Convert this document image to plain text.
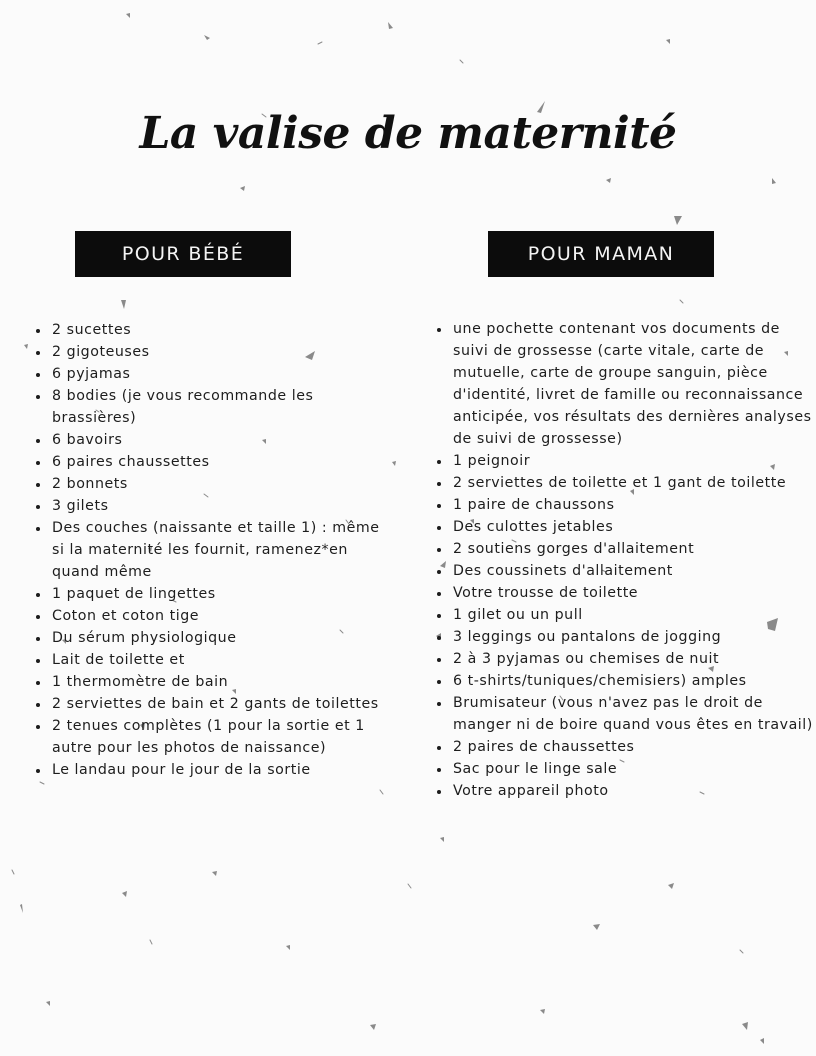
La valise de maternité
POUR BÉBÉ	POUR MAMAN
• 2 sucettes
• 2 gigoteuses
• 6 pyjamas
• 8 bodies (je vous recommande les brassières)
• 6 bavoirs
• 6 paires chaussettes
• 2 bonnets
• 3 gilets
• Des couches (naissante et taille 1) : même si la maternité les fournit, ramenez*en quand même
• 1 paquet de lingettes
• Coton et coton tige
• Du sérum physiologique
• Lait de toilette et
• 1 thermomètre de bain
• 2 serviettes de bain et 2 gants de toilettes
• 2 tenues complètes (1 pour la sortie et 1 autre pour les photos de naissance)
• Le landau pour le jour de la sortie
• une pochette contenant vos documents de suivi de grossesse (carte vitale, carte de mutuelle, carte de groupe sanguin, pièce d'identité, livret de famille ou reconnaissance anticipée, vos résultats des dernières analyses de suivi de grossesse)
• 1 peignoir
• 2 serviettes de toilette et 1 gant de toilette
• 1 paire de chaussons
• Des culottes jetables
• 2 soutiens gorges d'allaitement
• Des coussinets d'allaitement
• Votre trousse de toilette
• 1 gilet ou un pull
• 3 leggings ou pantalons de jogging
• 2 à 3 pyjamas ou chemises de nuit
• 6 t-shirts/tuniques/chemisiers) amples
• Brumisateur (vous n'avez pas le droit de manger ni de boire quand vous êtes en travail)
• 2 paires de chaussettes
• Sac pour le linge sale
• Votre appareil photo
